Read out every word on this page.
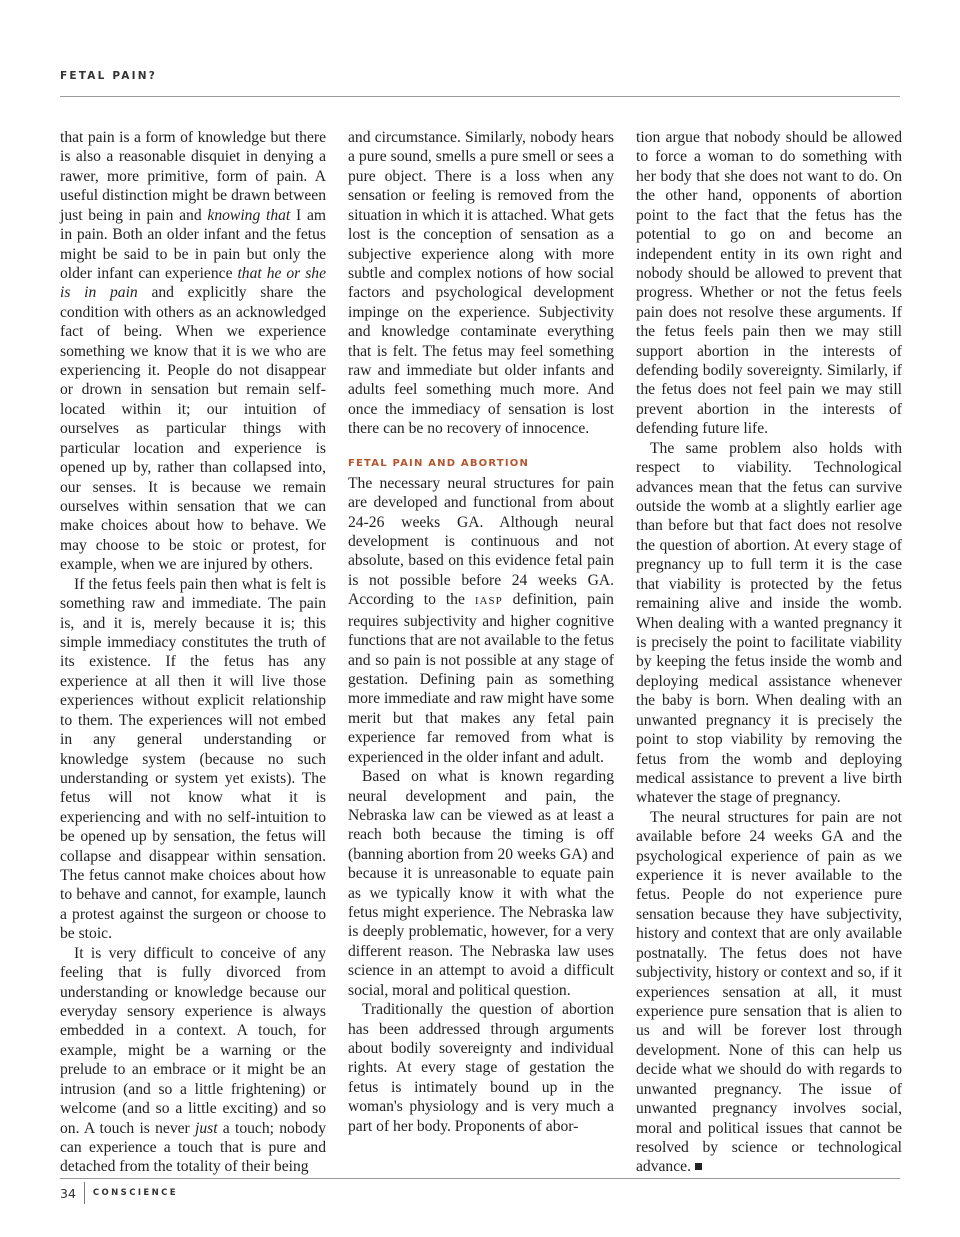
FETAL PAIN?

that pain is a form of knowledge but there is also a reasonable disquiet in denying a rawer, more primitive, form of pain. A useful distinction might be drawn between just being in pain and knowing that I am in pain. Both an older infant and the fetus might be said to be in pain but only the older infant can experience that he or she is in pain and explicitly share the condition with others as an acknowledged fact of being. When we experience something we know that it is we who are experiencing it. People do not disappear or drown in sensation but remain self-located within it; our intuition of ourselves as particular things with particular location and experience is opened up by, rather than collapsed into, our senses. It is because we remain ourselves within sensation that we can make choices about how to behave. We may choose to be stoic or protest, for example, when we are injured by others.

If the fetus feels pain then what is felt is something raw and immediate. The pain is, and it is, merely because it is; this simple immediacy constitutes the truth of its existence. If the fetus has any experience at all then it will live those experiences without explicit relationship to them. The experiences will not embed in any general understanding or knowledge system (because no such understanding or system yet exists). The fetus will not know what it is experiencing and with no self-intuition to be opened up by sensation, the fetus will collapse and disappear within sensation. The fetus cannot make choices about how to behave and cannot, for example, launch a protest against the surgeon or choose to be stoic.

It is very difficult to conceive of any feeling that is fully divorced from understanding or knowledge because our everyday sensory experience is always embedded in a context. A touch, for example, might be a warning or the prelude to an embrace or it might be an intrusion (and so a little frightening) or welcome (and so a little exciting) and so on. A touch is never just a touch; nobody can experience a touch that is pure and detached from the totality of their being

and circumstance. Similarly, nobody hears a pure sound, smells a pure smell or sees a pure object. There is a loss when any sensation or feeling is removed from the situation in which it is attached. What gets lost is the conception of sensation as a subjective experience along with more subtle and complex notions of how social factors and psychological development impinge on the experience. Subjectivity and knowledge contaminate everything that is felt. The fetus may feel something raw and immediate but older infants and adults feel something much more. And once the immediacy of sensation is lost there can be no recovery of innocence.

FETAL PAIN AND ABORTION

The necessary neural structures for pain are developed and functional from about 24-26 weeks GA. Although neural development is continuous and not absolute, based on this evidence fetal pain is not possible before 24 weeks GA. According to the IASP definition, pain requires subjectivity and higher cognitive functions that are not available to the fetus and so pain is not possible at any stage of gestation. Defining pain as something more immediate and raw might have some merit but that makes any fetal pain experience far removed from what is experienced in the older infant and adult.

Based on what is known regarding neural development and pain, the Nebraska law can be viewed as at least a reach both because the timing is off (banning abortion from 20 weeks GA) and because it is unreasonable to equate pain as we typically know it with what the fetus might experience. The Nebraska law is deeply problematic, however, for a very different reason. The Nebraska law uses science in an attempt to avoid a difficult social, moral and political question.

Traditionally the question of abortion has been addressed through arguments about bodily sovereignty and individual rights. At every stage of gestation the fetus is intimately bound up in the woman's physiology and is very much a part of her body. Proponents of abor-

tion argue that nobody should be allowed to force a woman to do something with her body that she does not want to do. On the other hand, opponents of abortion point to the fact that the fetus has the potential to go on and become an independent entity in its own right and nobody should be allowed to prevent that progress. Whether or not the fetus feels pain does not resolve these arguments. If the fetus feels pain then we may still support abortion in the interests of defending bodily sovereignty. Similarly, if the fetus does not feel pain we may still prevent abortion in the interests of defending future life.

The same problem also holds with respect to viability. Technological advances mean that the fetus can survive outside the womb at a slightly earlier age than before but that fact does not resolve the question of abortion. At every stage of pregnancy up to full term it is the case that viability is protected by the fetus remaining alive and inside the womb. When dealing with a wanted pregnancy it is precisely the point to facilitate viability by keeping the fetus inside the womb and deploying medical assistance whenever the baby is born. When dealing with an unwanted pregnancy it is precisely the point to stop viability by removing the fetus from the womb and deploying medical assistance to prevent a live birth whatever the stage of pregnancy.

The neural structures for pain are not available before 24 weeks GA and the psychological experience of pain as we experience it is never available to the fetus. People do not experience pure sensation because they have subjectivity, history and context that are only available postnatally. The fetus does not have subjectivity, history or context and so, if it experiences sensation at all, it must experience pure sensation that is alien to us and will be forever lost through development. None of this can help us decide what we should do with regards to unwanted pregnancy. The issue of unwanted pregnancy involves social, moral and political issues that cannot be resolved by science or technological advance.

34	CONSCIENCE
